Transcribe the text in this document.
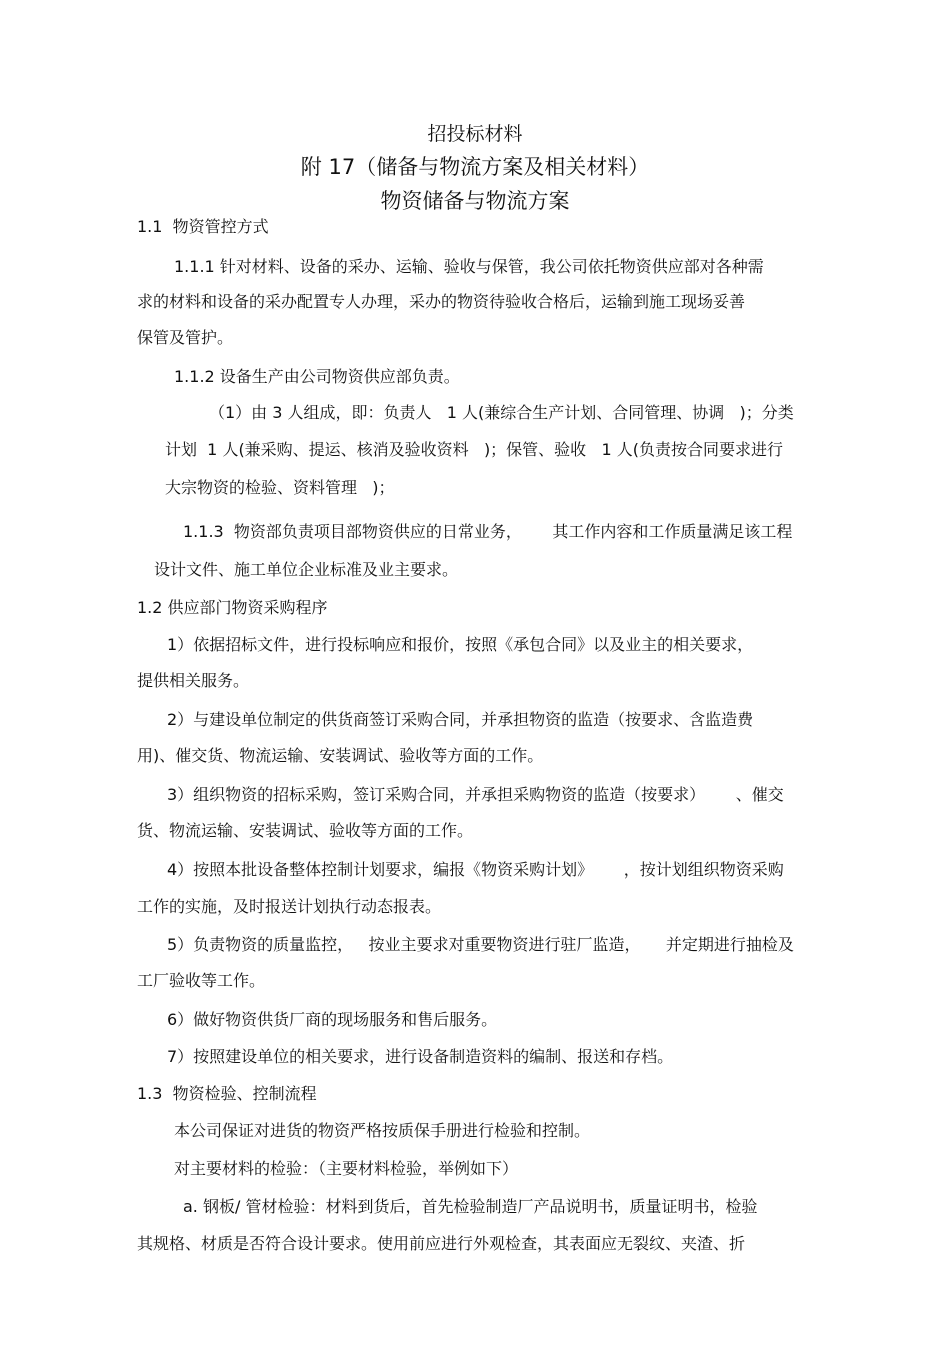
招投标材料
附 17（储备与物流方案及相关材料）
物资储备与物流方案
1.1  物资管控方式
1.1.1 针对材料、设备的采办、运输、验收与保管，我公司依托物资供应部对各种需
求的材料和设备的采办配置专人办理，采办的物资待验收合格后，运输到施工现场妥善
保管及管护。
1.1.2 设备生产由公司物资供应部负责。
（1）由 3 人组成，即：负责人   1 人(兼综合生产计划、合同管理、协调   )；分类
计划  1 人(兼采购、提运、核消及验收资料   )；保管、验收   1 人(负责按合同要求进行
大宗物资的检验、资料管理   )；
1.1.3  物资部负责项目部物资供应的日常业务，      其工作内容和工作质量满足该工程
设计文件、施工单位企业标准及业主要求。
1.2 供应部门物资采购程序
1）依据招标文件，进行投标响应和报价，按照《承包合同》以及业主的相关要求，
提供相关服务。
2）与建设单位制定的供货商签订采购合同，并承担物资的监造（按要求、含监造费
用)、催交货、物流运输、安装调试、验收等方面的工作。
3）组织物资的招标采购，签订采购合同，并承担采购物资的监造（按要求）      、催交
货、物流运输、安装调试、验收等方面的工作。
4）按照本批设备整体控制计划要求，编报《物资采购计划》      ，按计划组织物资采购
工作的实施，及时报送计划执行动态报表。
5）负责物资的质量监控，   按业主要求对重要物资进行驻厂监造，     并定期进行抽检及
工厂验收等工作。
6）做好物资供货厂商的现场服务和售后服务。
7）按照建设单位的相关要求，进行设备制造资料的编制、报送和存档。
1.3  物资检验、控制流程
本公司保证对进货的物资严格按质保手册进行检验和控制。
对主要材料的检验：（主要材料检验，举例如下）
a. 钢板/ 管材检验：材料到货后，首先检验制造厂产品说明书，质量证明书，检验
其规格、材质是否符合设计要求。使用前应进行外观检查，其表面应无裂纹、夹渣、折
